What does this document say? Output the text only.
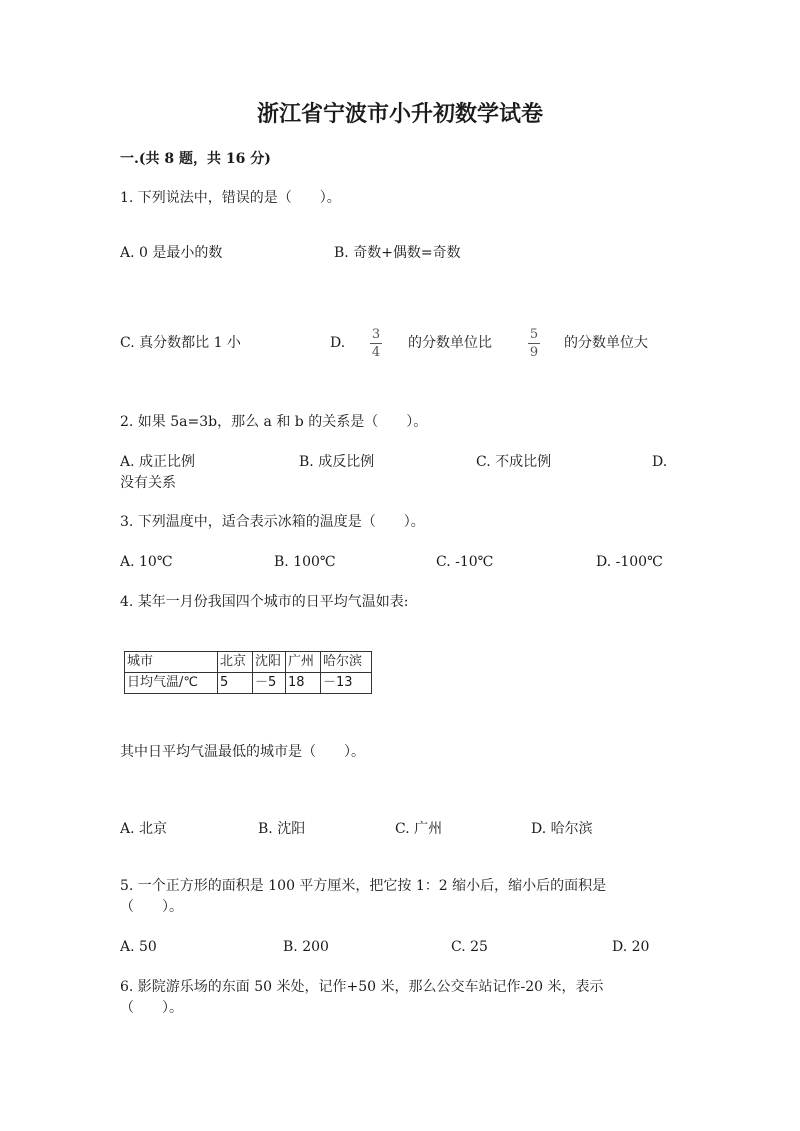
浙江省宁波市小升初数学试卷
一.(共 8 题，共 16 分)
1. 下列说法中，错误的是（　　）。
A. 0 是最小的数	B. 奇数+偶数=奇数
C. 真分数都比 1 小	D.
3
4
的分数单位比
5
9
的分数单位大
2. 如果 5a=3b，那么 a 和 b 的关系是（　　）。
A. 成正比例	B. 成反比例	C. 不成比例	D.
没有关系
3. 下列温度中，适合表示冰箱的温度是（　　）。
A. 10℃	B. 100℃	C. -10℃	D. -100℃
4. 某年一月份我国四个城市的日平均气温如表:
城市	北京	沈阳	广州	哈尔滨
日均气温/℃	5	－5	18	－13
其中日平均气温最低的城市是（　　）。
A. 北京	B. 沈阳	C. 广州	D. 哈尔滨
5. 一个正方形的面积是 100 平方厘米，把它按 1：2 缩小后，缩小后的面积是
（　　）。
A. 50	B. 200	C. 25	D. 20
6. 影院游乐场的东面 50 米处，记作+50 米，那么公交车站记作-20 米，表示
（　　）。
